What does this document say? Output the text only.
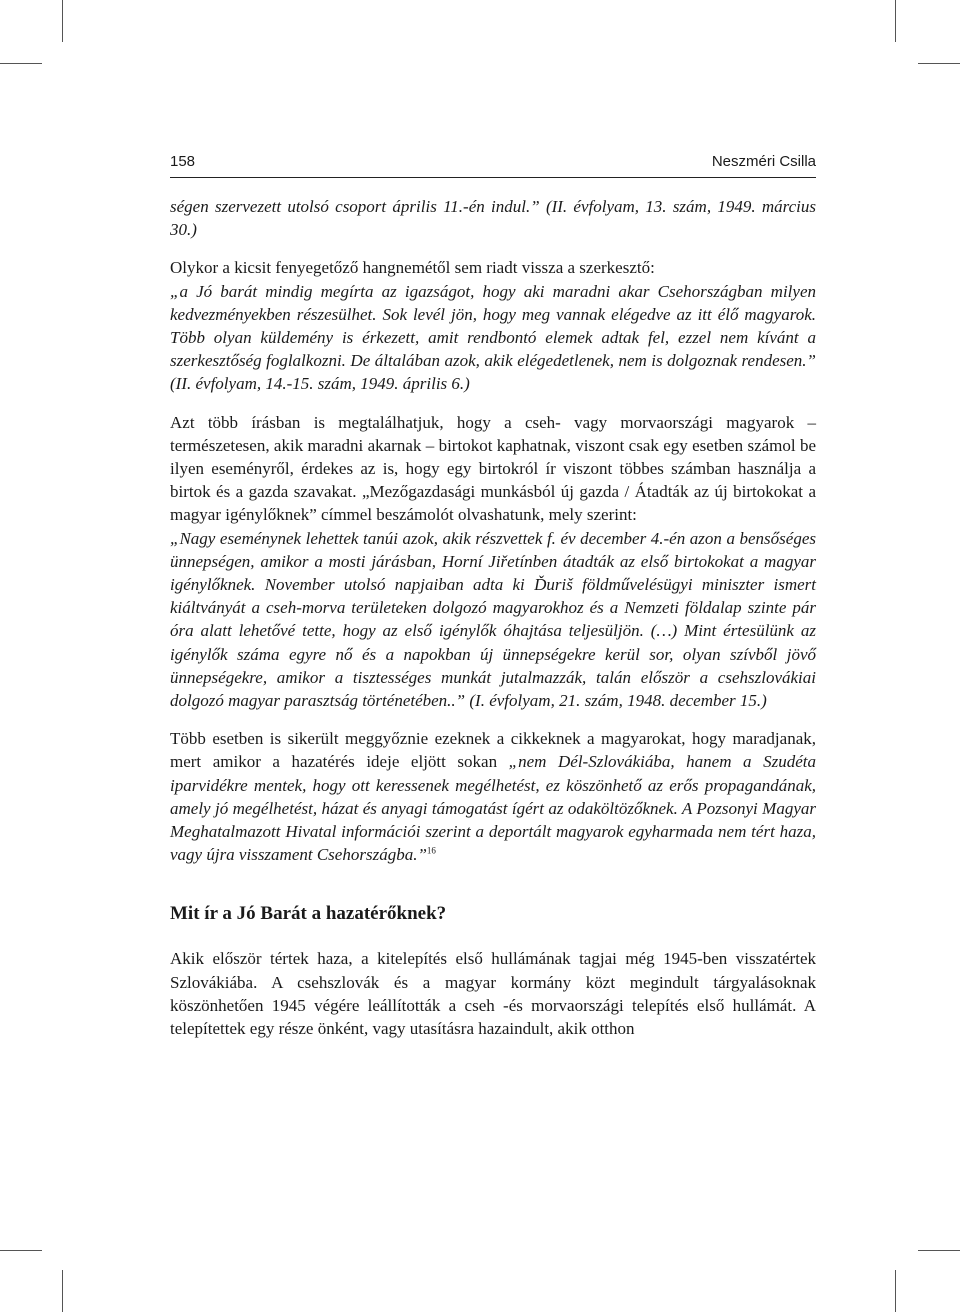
158	Neszméri Csilla

ségen szervezett utolsó csoport április 11.-én indul.” (II. évfolyam, 13. szám, 1949. március 30.)

Olykor a kicsit fenyegetőző hangnemétől sem riadt vissza a szerkesztő:

„a Jó barát mindig megírta az igazságot, hogy aki maradni akar Csehországban milyen kedvezményekben részesülhet. Sok levél jön, hogy meg vannak elégedve az itt élő magyarok. Több olyan küldemény is érkezett, amit rendbontó elemek adtak fel, ezzel nem kívánt a szerkesztőség foglalkozni. De általában azok, akik elégedetlenek, nem is dolgoznak rendesen.” (II. évfolyam, 14.-15. szám, 1949. április 6.)

Azt több írásban is megtalálhatjuk, hogy a cseh- vagy morvaországi magyarok – természetesen, akik maradni akarnak – birtokot kaphatnak, viszont csak egy esetben számol be ilyen eseményről, érdekes az is, hogy egy birtokról ír viszont többes számban használja a birtok és a gazda szavakat. „Mezőgazdasági munkásból új gazda / Átadták az új birtokokat a magyar igénylőknek” címmel beszámolót olvashatunk, mely szerint:

„Nagy eseménynek lehettek tanúi azok, akik részvettek f. év december 4.-én azon a bensőséges ünnepségen, amikor a mosti járásban, Horní Jiřetínben átadták az első birtokokat a magyar igénylőknek. November utolsó napjaiban adta ki Ďuriš földművelésügyi miniszter ismert kiáltványát a cseh-morva területeken dolgozó magyarokhoz és a Nemzeti földalap szinte pár óra alatt lehetővé tette, hogy az első igénylők óhajtása teljesüljön. (…) Mint értesülünk az igénylők száma egyre nő és a napokban új ünnepségekre kerül sor, olyan szívből jövő ünnepségekre, amikor a tisztességes munkát jutalmazzák, talán először a csehszlovákiai dolgozó magyar parasztság történetében..” (I. évfolyam, 21. szám, 1948. december 15.)

Több esetben is sikerült meggyőznie ezeknek a cikkeknek a magyarokat, hogy maradjanak, mert amikor a hazatérés ideje eljött sokan „nem Dél-Szlovákiába, hanem a Szudéta iparvidékre mentek, hogy ott keressenek megélhetést, ez köszönhető az erős propagandának, amely jó megélhetést, házat és anyagi támogatást ígért az odaköltözőknek. A Pozsonyi Magyar Meghatalmazott Hivatal információi szerint a deportált magyarok egyharmada nem tért haza, vagy újra visszament Csehországba.”$^{16}$

Mit ír a Jó Barát a hazatérőknek?

Akik először tértek haza, a kitelepítés első hullámának tagjai még 1945-ben visszatértek Szlovákiába. A csehszlovák és a magyar kormány közt megindult tárgyalásoknak köszönhetően 1945 végére leállították a cseh -és morvaországi telepítés első hullámát. A telepítettek egy része önként, vagy utasításra hazaindult, akik otthon
